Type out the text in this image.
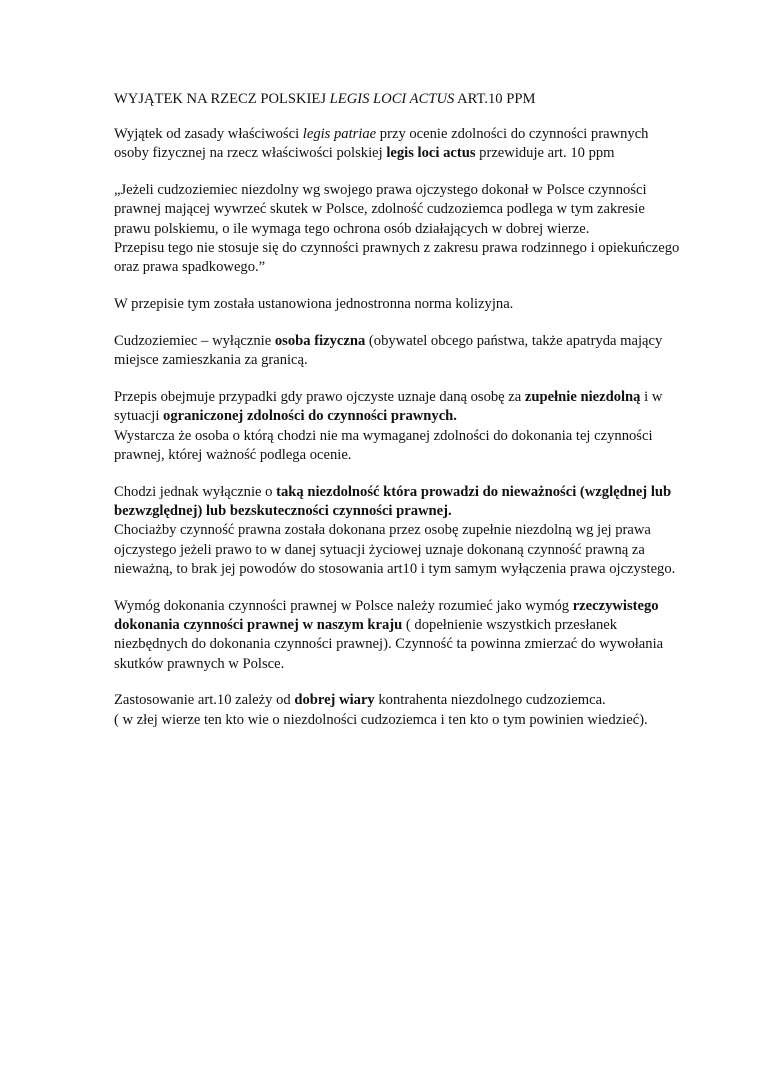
WYJĄTEK NA RZECZ POLSKIEJ LEGIS LOCI ACTUS ART.10 PPM

Wyjątek od zasady właściwości legis patriae przy ocenie zdolności do czynności prawnych osoby fizycznej na rzecz właściwości polskiej legis loci actus przewiduje art. 10 ppm

„Jeżeli cudzoziemiec niezdolny wg swojego prawa ojczystego dokonał w Polsce czynności prawnej mającej wywrzeć skutek w Polsce, zdolność cudzoziemca podlega w tym zakresie prawu polskiemu, o ile wymaga tego ochrona osób działających w dobrej wierze.

Przepisu tego nie stosuje się do czynności prawnych z zakresu prawa rodzinnego i opiekuńczego oraz prawa spadkowego.”

W przepisie tym została ustanowiona jednostronna norma kolizyjna.

Cudzoziemiec – wyłącznie osoba fizyczna (obywatel obcego państwa, także apatryda mający miejsce zamieszkania za granicą.

Przepis obejmuje przypadki gdy prawo ojczyste uznaje daną osobę za zupełnie niezdolną i w sytuacji ograniczonej zdolności do czynności prawnych.
Wystarcza że osoba o którą chodzi nie ma wymaganej zdolności do dokonania tej czynności prawnej, której ważność podlega ocenie.

Chodzi jednak wyłącznie o taką niezdolność która prowadzi do nieważności (względnej lub bezwzględnej) lub bezskuteczności czynności prawnej.
Chociażby czynność prawna została dokonana przez osobę zupełnie niezdolną wg jej prawa ojczystego jeżeli prawo to w danej sytuacji życiowej uznaje dokonaną czynność prawną za nieważną, to brak jej powodów do stosowania art10 i tym samym wyłączenia prawa ojczystego.

Wymóg dokonania czynności prawnej w Polsce należy rozumieć jako wymóg rzeczywistego dokonania czynności prawnej w naszym kraju ( dopełnienie wszystkich przesłanek niezbędnych do dokonania czynności prawnej). Czynność ta powinna zmierzać do wywołania skutków prawnych w Polsce.

Zastosowanie art.10 zależy od dobrej wiary kontrahenta niezdolnego cudzoziemca.
( w złej wierze ten kto wie o niezdolności cudzoziemca i ten kto o tym powinien wiedzieć).
